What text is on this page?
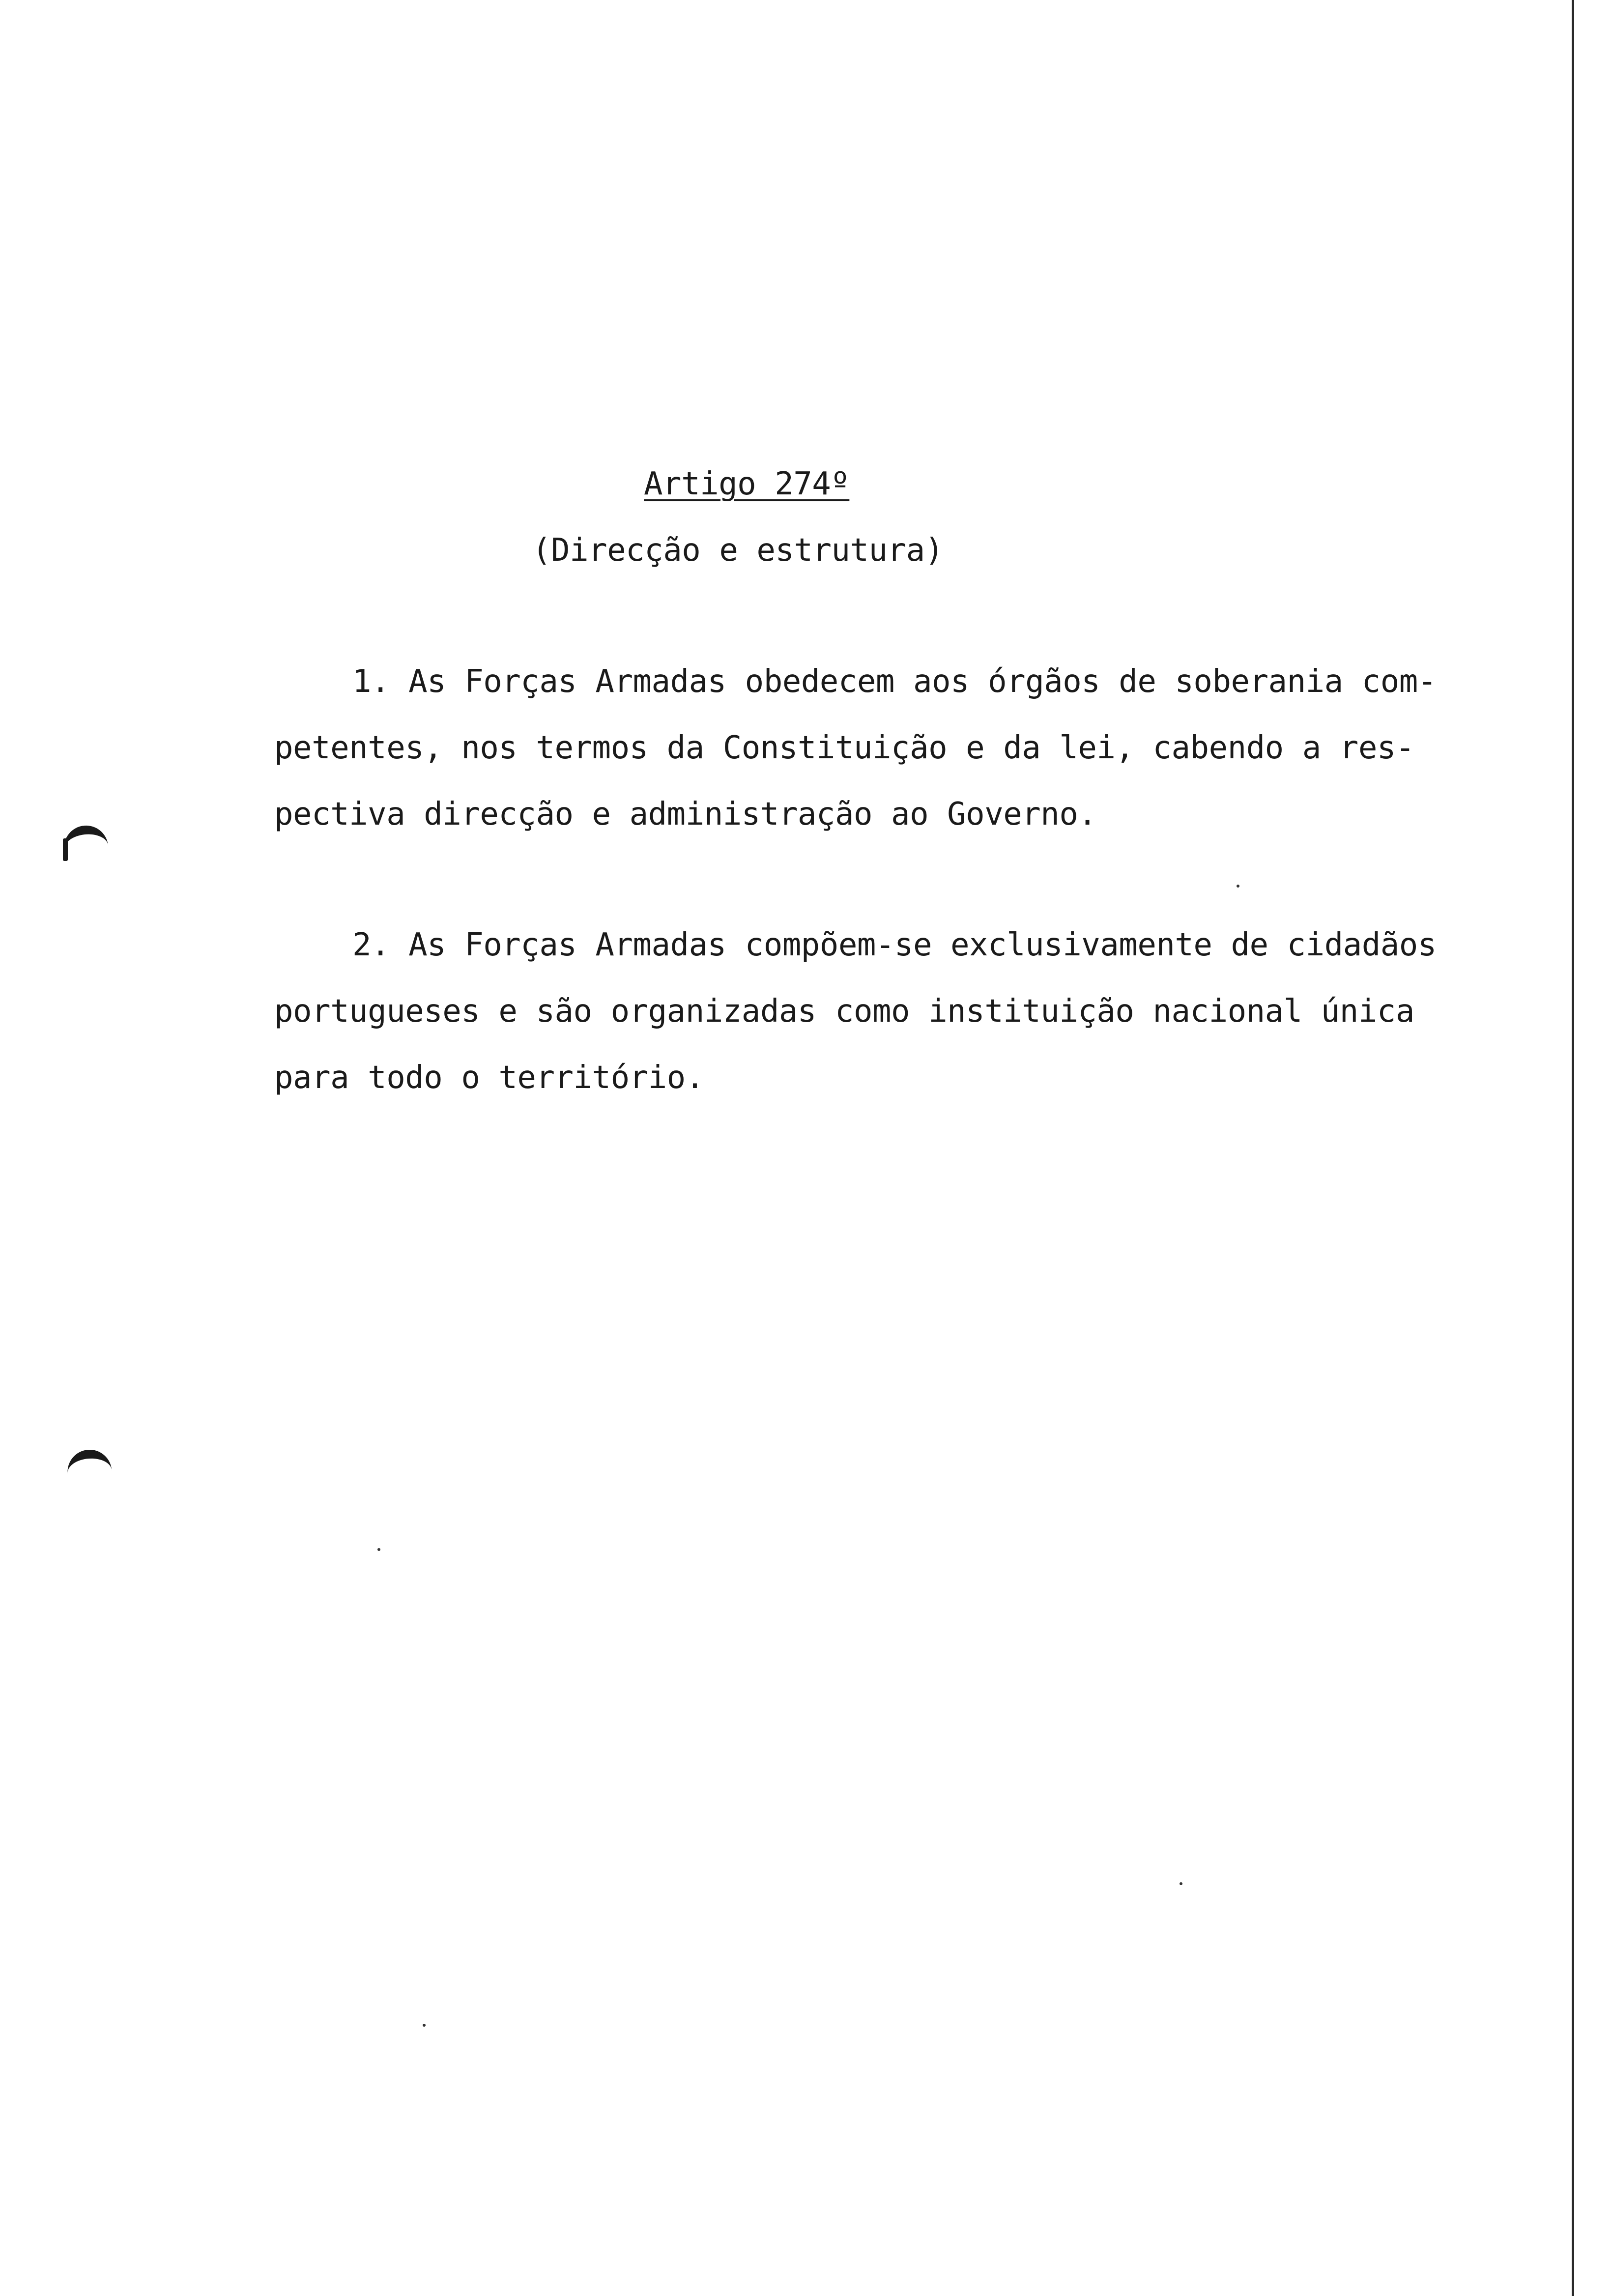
Artigo 274º
(Direcção e estrutura)
1. As Forças Armadas obedecem aos órgãos de soberania com-
petentes, nos termos da Constituição e da lei, cabendo a res-
pectiva direcção e administração ao Governo.
2. As Forças Armadas compõem-se exclusivamente de cidadãos
portugueses e são organizadas como instituição nacional única
para todo o território.
